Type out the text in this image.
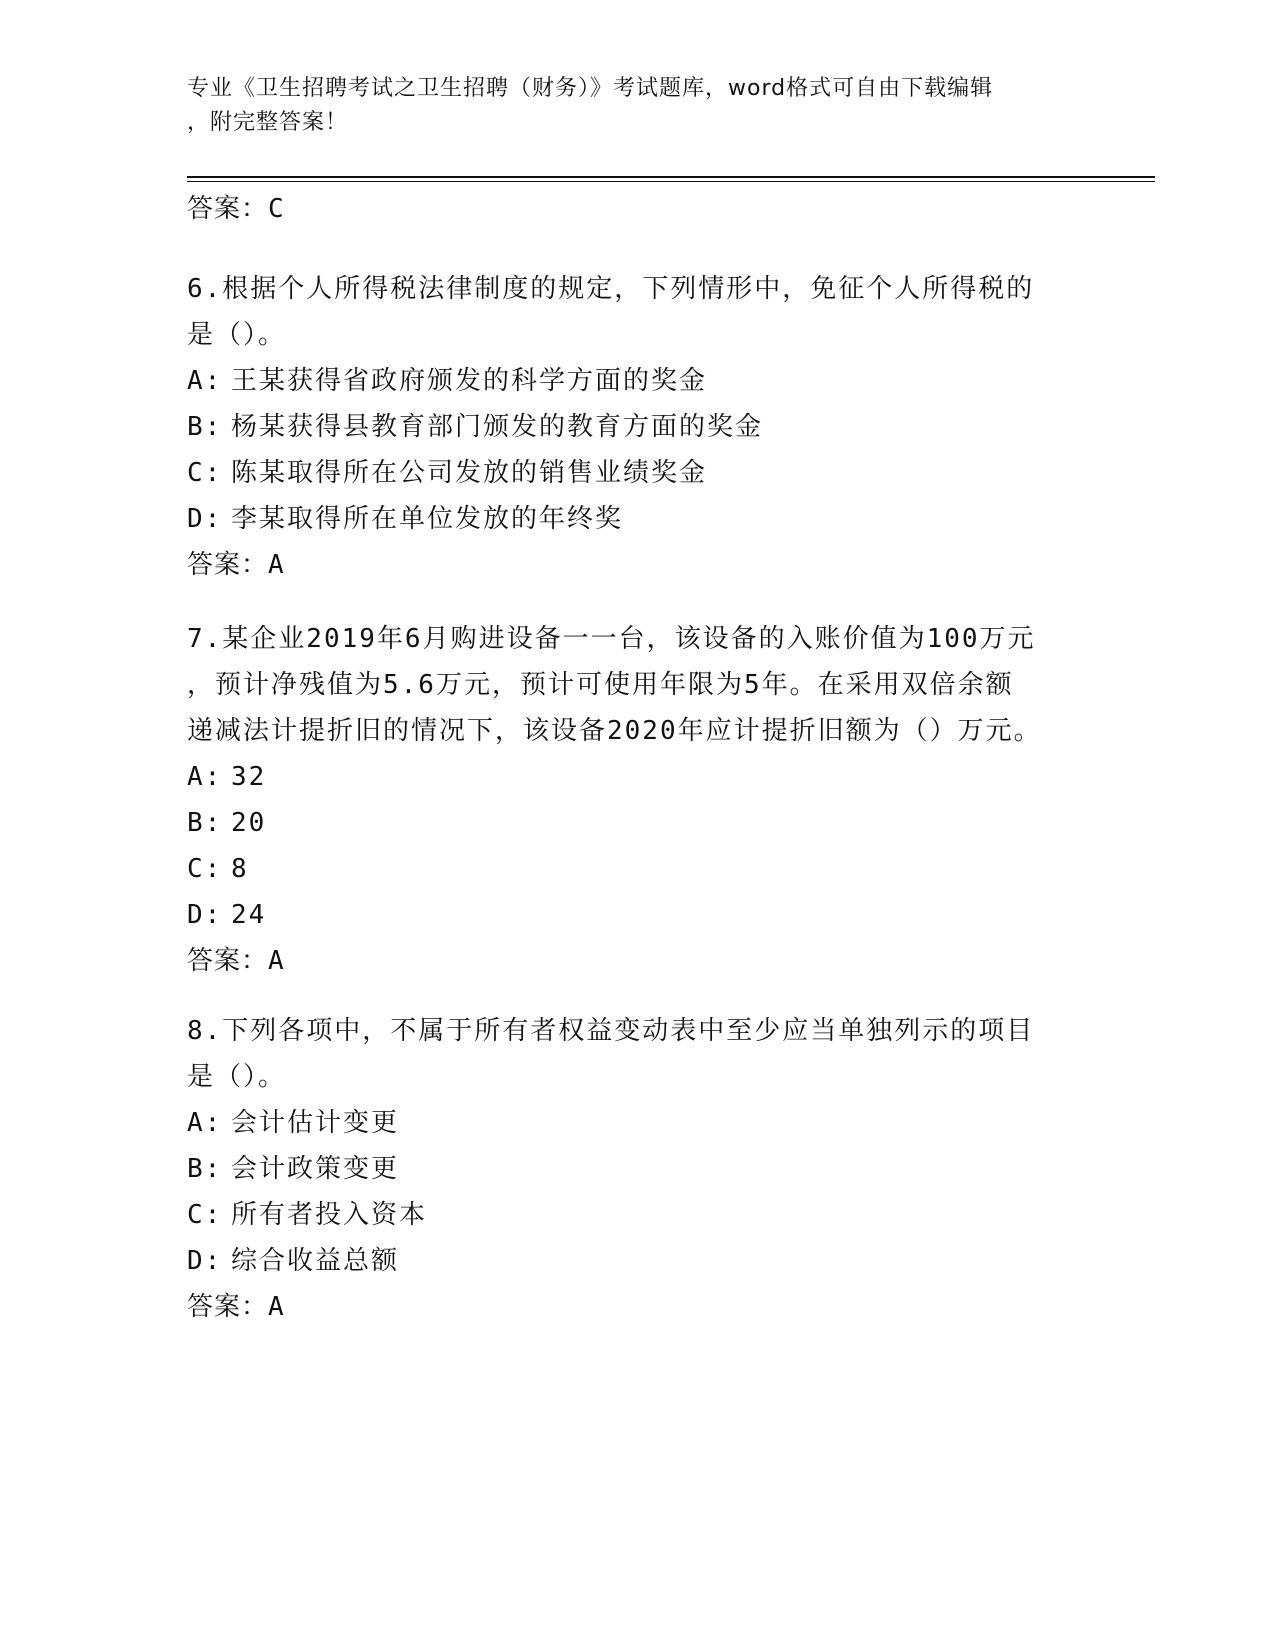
专业《卫生招聘考试之卫生招聘（财务）》考试题库，word格式可自由下载编辑
，附完整答案！
答案：C
6.根据个人所得税法律制度的规定，下列情形中，免征个人所得税的
是（）。
A: 王某获得省政府颁发的科学方面的奖金
B: 杨某获得县教育部门颁发的教育方面的奖金
C: 陈某取得所在公司发放的销售业绩奖金
D: 李某取得所在单位发放的年终奖
答案：A
7.某企业2019年6月购进设备一一台，该设备的入账价值为100万元
，预计净残值为5.6万元，预计可使用年限为5年。在采用双倍余额
递减法计提折旧的情况下，该设备2020年应计提折旧额为（）万元。
A: 32
B: 20
C: 8
D: 24
答案：A
8.下列各项中，不属于所有者权益变动表中至少应当单独列示的项目
是（）。
A: 会计估计变更
B: 会计政策变更
C: 所有者投入资本
D: 综合收益总额
答案：A
